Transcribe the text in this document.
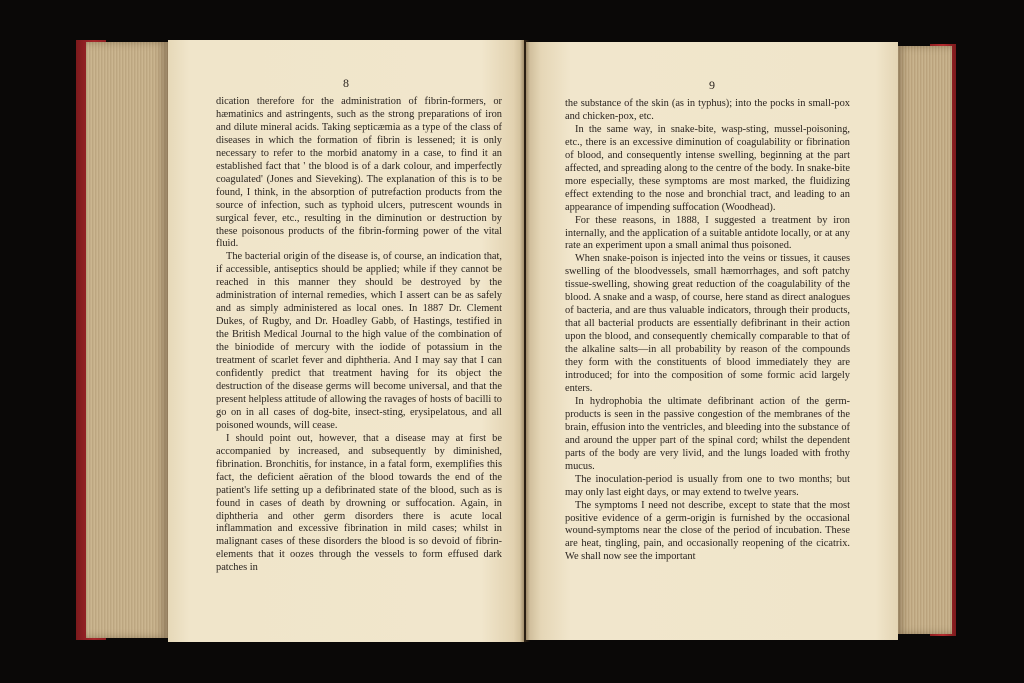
8

dication therefore for the administration of fibrin-formers, or hæmatinics and astringents, such as the strong preparations of iron and dilute mineral acids. Taking septicæmia as a type of the class of diseases in which the formation of fibrin is lessened; it is only necessary to refer to the morbid anatomy in a case, to find it an established fact that ' the blood is of a dark colour, and imperfectly coagulated' (Jones and Sieveking). The explanation of this is to be found, I think, in the absorption of putrefaction products from the source of infection, such as typhoid ulcers, putrescent wounds in surgical fever, etc., resulting in the diminution or destruction by these poisonous products of the fibrin-forming power of the vital fluid.

The bacterial origin of the disease is, of course, an indication that, if accessible, antiseptics should be applied; while if they cannot be reached in this manner they should be destroyed by the administration of internal remedies, which I assert can be as safely and as simply administered as local ones. In 1887 Dr. Clement Dukes, of Rugby, and Dr. Hoadley Gabb, of Hastings, testified in the British Medical Journal to the high value of the combination of the biniodide of mercury with the iodide of potassium in the treatment of scarlet fever and diphtheria. And I may say that I can confidently predict that treatment having for its object the destruction of the disease germs will become universal, and that the present helpless attitude of allowing the ravages of hosts of bacilli to go on in all cases of dog-bite, insect-sting, erysipelatous, and all poisoned wounds, will cease.

I should point out, however, that a disease may at first be accompanied by increased, and subsequently by diminished, fibrination. Bronchitis, for instance, in a fatal form, exemplifies this fact, the deficient aëration of the blood towards the end of the patient's life setting up a defibrinated state of the blood, such as is found in cases of death by drowning or suffocation. Again, in diphtheria and other germ disorders there is acute local inflammation and excessive fibrination in mild cases; whilst in malignant cases of these disorders the blood is so devoid of fibrin-elements that it oozes through the vessels to form effused dark patches in

9

the substance of the skin (as in typhus); into the pocks in small-pox and chicken-pox, etc.

In the same way, in snake-bite, wasp-sting, mussel-poisoning, etc., there is an excessive diminution of coagulability or fibrination of blood, and consequently intense swelling, beginning at the part affected, and spreading along to the centre of the body. In snake-bite more especially, these symptoms are most marked, the fluidizing effect extending to the nose and bronchial tract, and leading to an appearance of impending suffocation (Woodhead).

For these reasons, in 1888, I suggested a treatment by iron internally, and the application of a suitable antidote locally, or at any rate an experiment upon a small animal thus poisoned.

When snake-poison is injected into the veins or tissues, it causes swelling of the bloodvessels, small hæmorrhages, and soft patchy tissue-swelling, showing great reduction of the coagulability of the blood. A snake and a wasp, of course, here stand as direct analogues of bacteria, and are thus valuable indicators, through their products, that all bacterial products are essentially defibrinant in their action upon the blood, and consequently chemically comparable to that of the alkaline salts—in all probability by reason of the compounds they form with the constituents of blood immediately they are introduced; for into the composition of some formic acid largely enters.

In hydrophobia the ultimate defibrinant action of the germ-products is seen in the passive congestion of the membranes of the brain, effusion into the ventricles, and bleeding into the substance of and around the upper part of the spinal cord; whilst the dependent parts of the body are very livid, and the lungs loaded with frothy mucus.

The inoculation-period is usually from one to two months; but may only last eight days, or may extend to twelve years.

The symptoms I need not describe, except to state that the most positive evidence of a germ-origin is furnished by the occasional wound-symptoms near the close of the period of incubation. These are heat, tingling, pain, and occasionally reopening of the cicatrix. We shall now see the important
